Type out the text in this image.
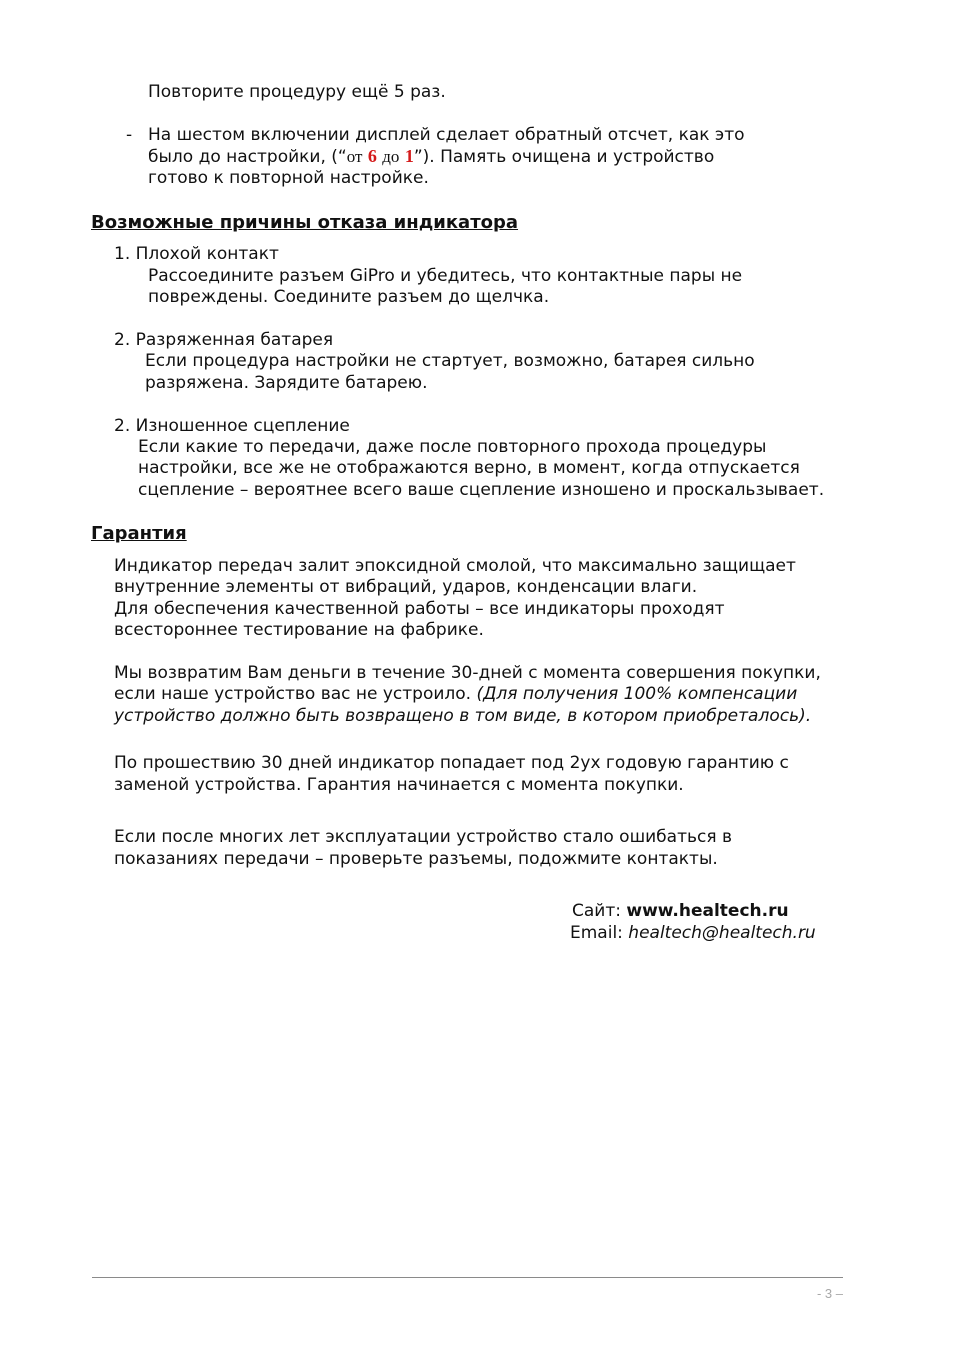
Повторите процедуру ещё 5 раз.
- На шестом включении дисплей сделает обратный отсчет, как это
было до настройки, (“от 6 до 1”). Память очищена и устройство
готово к повторной настройке.
Возможные причины отказа индикатора
1. Плохой контакт
Рассоедините разъем GiPro и убедитесь, что контактные пары не
повреждены. Соедините разъем до щелчка.
2. Разряженная батарея
Если процедура настройки не стартует, возможно, батарея сильно
разряжена. Зарядите батарею.
2. Изношенное сцепление
Если какие то передачи, даже после повторного прохода процедуры
настройки, все же не отображаются верно, в момент, когда отпускается
сцепление – вероятнее всего ваше сцепление изношено и проскальзывает.
Гарантия
Индикатор передач залит эпоксидной смолой, что максимально защищает
внутренние элементы от вибраций, ударов, конденсации влаги.
Для обеспечения качественной работы – все индикаторы проходят
всестороннее тестирование на фабрике.
Мы возвратим Вам деньги в течение 30-дней с момента совершения покупки,
если наше устройство вас не устроило. (Для получения 100% компенсации
устройство должно быть возвращено в том виде, в котором приобреталось).
По прошествию 30 дней индикатор попадает под 2ух годовую гарантию с
заменой устройства. Гарантия начинается с момента покупки.
Если после многих лет эксплуатации устройство стало ошибаться в
показаниях передачи – проверьте разъемы, подожмите контакты.
Сайт: www.healtech.ru
Email: healtech@healtech.ru
- 3 –
